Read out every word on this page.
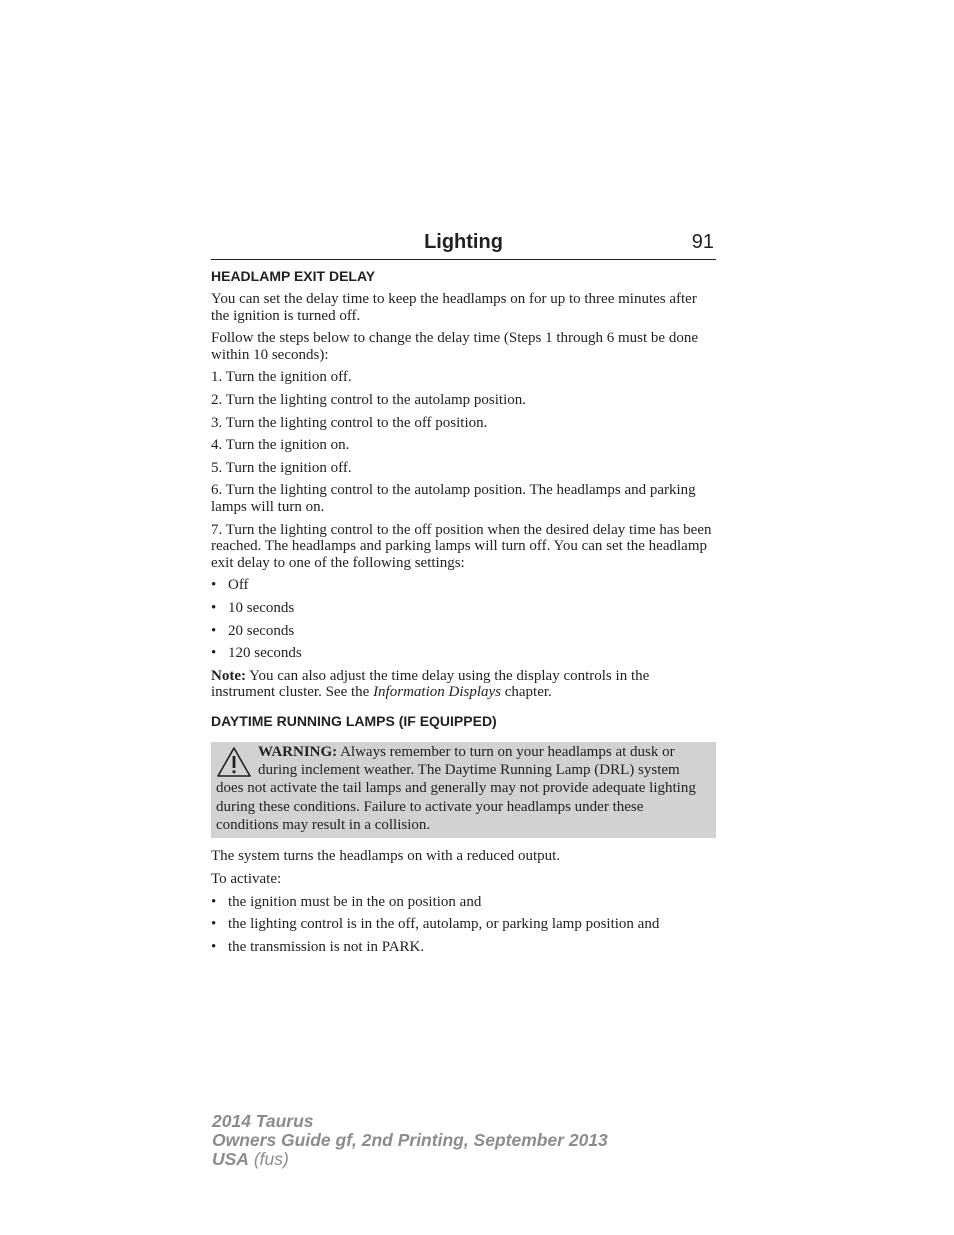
Lighting	91
HEADLAMP EXIT DELAY
You can set the delay time to keep the headlamps on for up to three minutes after the ignition is turned off.
Follow the steps below to change the delay time (Steps 1 through 6 must be done within 10 seconds):
1. Turn the ignition off.
2. Turn the lighting control to the autolamp position.
3. Turn the lighting control to the off position.
4. Turn the ignition on.
5. Turn the ignition off.
6. Turn the lighting control to the autolamp position. The headlamps and parking lamps will turn on.
7. Turn the lighting control to the off position when the desired delay time has been reached. The headlamps and parking lamps will turn off. You can set the headlamp exit delay to one of the following settings:
• Off
• 10 seconds
• 20 seconds
• 120 seconds
Note: You can also adjust the time delay using the display controls in the instrument cluster. See the Information Displays chapter.
DAYTIME RUNNING LAMPS (IF EQUIPPED)
WARNING: Always remember to turn on your headlamps at dusk or during inclement weather. The Daytime Running Lamp (DRL) system does not activate the tail lamps and generally may not provide adequate lighting during these conditions. Failure to activate your headlamps under these conditions may result in a collision.
The system turns the headlamps on with a reduced output.
To activate:
• the ignition must be in the on position and
• the lighting control is in the off, autolamp, or parking lamp position and
• the transmission is not in PARK.
2014 Taurus
Owners Guide gf, 2nd Printing, September 2013
USA (fus)
